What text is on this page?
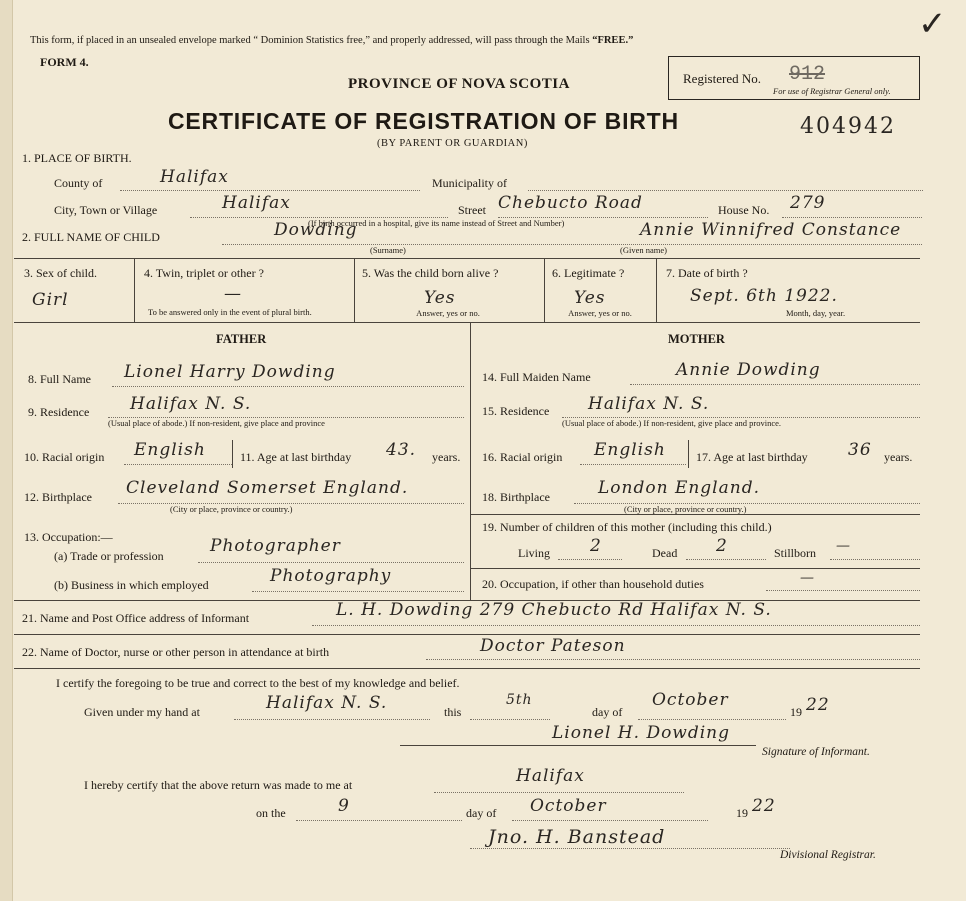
This form, if placed in an unsealed envelope marked “ Dominion Statistics free,” and properly addressed, will pass through the Mails “FREE.”
FORM 4.
PROVINCE OF NOVA SCOTIA
CERTIFICATE OF REGISTRATION OF BIRTH
(BY PARENT OR GUARDIAN)
404942
✓
Registered No. 912
For use of Registrar General only.
1. PLACE OF BIRTH.
County of	Halifax	Municipality of
City, Town or Village	Halifax	Street Chebucto Road	House No. 279
(If birth occurred in a hospital, give its name instead of Street and Number)
2. FULL NAME OF CHILD	Dowding
(Surname)
Annie Winnifred Constance
(Given name)
3. Sex of child.
Girl
4. Twin, triplet or other ?
—
To be answered only in the event of plural birth.
5. Was the child born alive ?
Yes
Answer, yes or no.
6. Legitimate ?
Yes
Answer, yes or no.
7. Date of birth ?
Sept. 6th 1922.
Month, day, year.
FATHER	MOTHER
8. Full Name Lionel Harry Dowding
9. Residence Halifax N. S.
(Usual place of abode.) If non-resident, give place and province
10. Racial origin English	11. Age at last birthday 43. years.
12. Birthplace Cleveland Somerset England.
(City or place, province or country.)
13. Occupation:—
(a) Trade or profession	Photographer
(b) Business in which employed	Photography
14. Full Maiden Name	Annie Dowding
15. Residence Halifax N. S.
(Usual place of abode.) If non-resident, give place and province.
16. Racial origin English	17. Age at last birthday 36 years.
18. Birthplace	London England.
(City or place, province or country.)
19. Number of children of this mother (including this child.)
Living 2	Dead 2	Stillborn —
20. Occupation, if other than household duties	—
21. Name and Post Office address of Informant	L. H. Dowding 279 Chebucto Rd Halifax N. S.
22. Name of Doctor, nurse or other person in attendance at birth	Doctor Pateson
I certify the foregoing to be true and correct to the best of my knowledge and belief.
Given under my hand at	Halifax N. S.	this
5th
day of
October
19 22
Lionel H. Dowding
Signature of Informant.
I hereby certify that the above return was made to me at	Halifax
on the	9	day of October	19 22
Jno. H. Banstead
Divisional Registrar.
